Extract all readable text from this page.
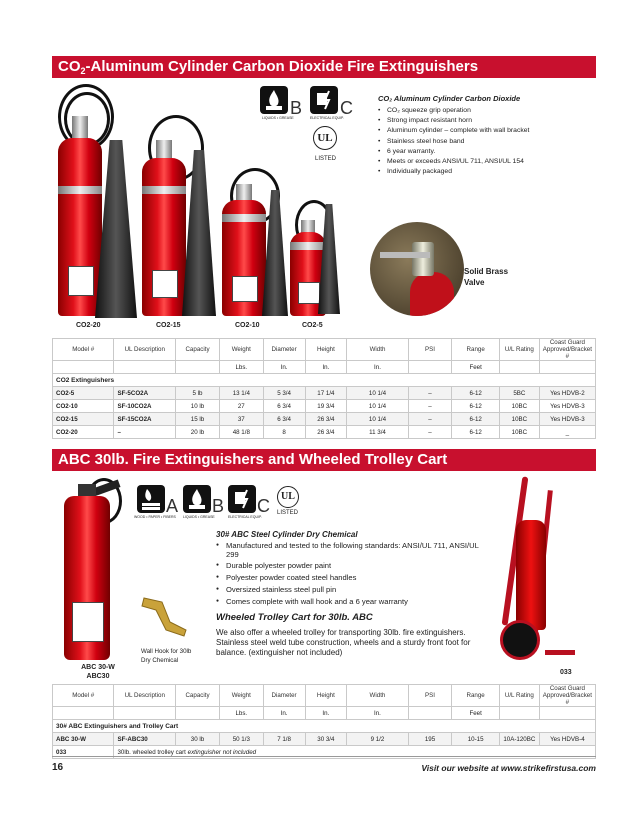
$CO_2$-Aluminum Cylinder Carbon Dioxide Fire Extinguishers
CO2-20	CO2-15	CO2-10	CO2-5
LIQUIDS • GREASE
B ELECTRICAL EQUIP.
C
UL
LISTED
CO₂ Aluminum Cylinder Carbon Dioxide
• CO₂ squeeze grip operation
• Strong impact resistant horn
• Aluminum cylinder – complete with wall bracket
• Stainless steel hose band
• 6 year warranty.
• Meets or exceeds ANSI/UL 711, ANSI/UL 154
• Individually packaged
Solid Brass
Valve
Model #	UL Description	Capacity	Weight	Diameter	Height	Width	PSI	Range	U/L Rating	Coast Guard Approved/Bracket #
			Lbs.	In.	In.	In.		Feet		
CO2 Extinguishers										
CO2-5	SF-5CO2A	5 lb	13 1/4	5 3/4	17 1/4	10 1/4	–	6-12	5BC	Yes HDVB-2
CO2-10	SF-10CO2A	10 lb	27	6 3/4	19 3/4	10 1/4	–	6-12	10BC	Yes HDVB-3
CO2-15	SF-15CO2A	15 lb	37	6 3/4	26 3/4	10 1/4	–	6-12	10BC	Yes HDVB-3
CO2-20	–	20 lb	48 1/8	8	26 3/4	11 3/4	–	6-12	10BC	_
ABC 30lb. Fire Extinguishers and Wheeled Trolley Cart
ABC 30-W
ABC30
Wall Hook for 30lb
Dry Chemical
033
WOOD • PAPER • FIBERS
A
LIQUIDS • GREASE
B
ELECTRICAL EQUIP.
C	UL
LISTED
30# ABC Steel Cylinder Dry Chemical
● Manufactured and tested to the following standards: ANSI/UL 711, ANSI/UL 299
● Durable polyester powder paint
● Polyester powder coated steel handles
● Oversized stainless steel pull pin
● Comes complete with wall hook and a 6 year warranty
Wheeled Trolley Cart for 30lb. ABC
We also offer a wheeled trolley for transporting 30lb. fire extinguishers. Stainless steel weld tube construction, wheels and a sturdy front foot for balance. (extinguisher not included)
Model #	UL Description	Capacity	Weight	Diameter	Height	Width	PSI	Range	U/L Rating	Coast Guard Approved/Bracket #
			Lbs.	In.	In.	In.		Feet		
30# ABC Extinguishers and Trolley Cart										
ABC 30-W	SF-ABC30	30 lb	50 1/3	7 1/8	30 3/4	9 1/2	195	10-15	10A-120BC	Yes HDVB-4
033	30lb. wheeled trolley cart extinguisher not included									
16	Visit our website at www.strikefirstusa.com
